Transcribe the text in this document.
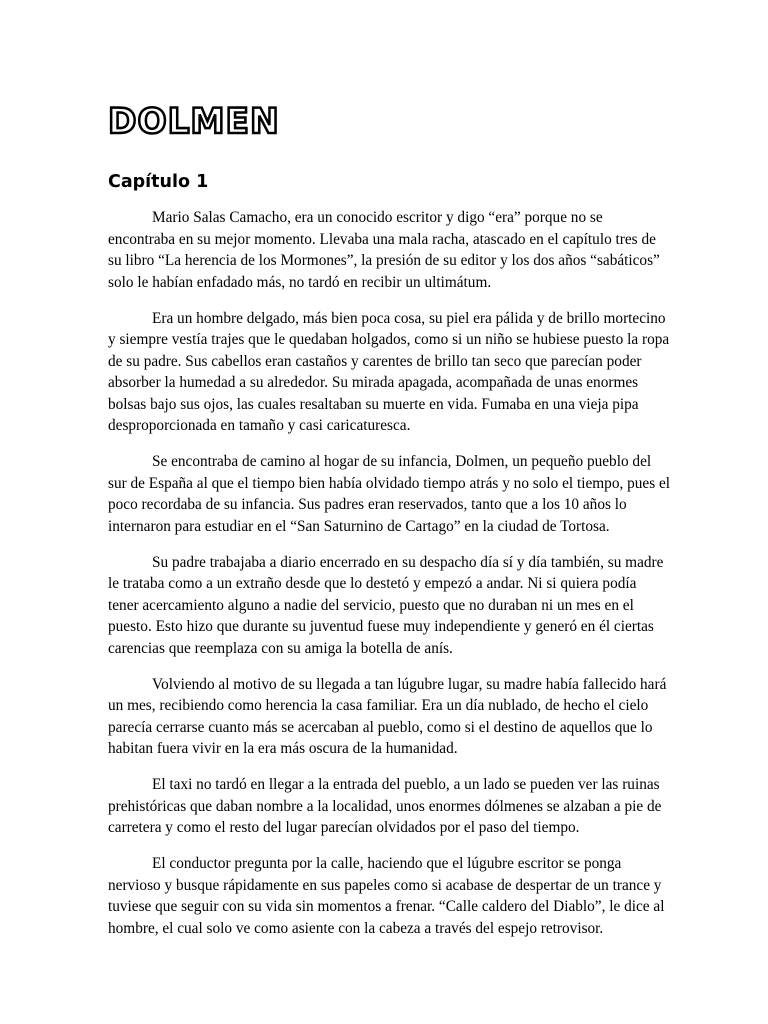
DOLMEN
Capítulo 1

Mario Salas Camacho, era un conocido escritor y digo “era” porque no se
encontraba en su mejor momento. Llevaba una mala racha, atascado en el capítulo tres de
su libro “La herencia de los Mormones”, la presión de su editor y los dos años “sabáticos”
solo le habían enfadado más, no tardó en recibir un ultimátum.

Era un hombre delgado, más bien poca cosa, su piel era pálida y de brillo mortecino
y siempre vestía trajes que le quedaban holgados, como si un niño se hubiese puesto la ropa
de su padre. Sus cabellos eran castaños y carentes de brillo tan seco que parecían poder
absorber la humedad a su alrededor. Su mirada apagada, acompañada de unas enormes
bolsas bajo sus ojos, las cuales resaltaban su muerte en vida. Fumaba en una vieja pipa
desproporcionada en tamaño y casi caricaturesca.

Se encontraba de camino al hogar de su infancia, Dolmen, un pequeño pueblo del
sur de España al que el tiempo bien había olvidado tiempo atrás y no solo el tiempo, pues el
poco recordaba de su infancia. Sus padres eran reservados, tanto que a los 10 años lo
internaron para estudiar en el “San Saturnino de Cartago” en la ciudad de Tortosa.

Su padre trabajaba a diario encerrado en su despacho día sí y día también, su madre
le trataba como a un extraño desde que lo destetó y empezó a andar. Ni si quiera podía
tener acercamiento alguno a nadie del servicio, puesto que no duraban ni un mes en el
puesto. Esto hizo que durante su juventud fuese muy independiente y generó en él ciertas
carencias que reemplaza con su amiga la botella de anís.

Volviendo al motivo de su llegada a tan lúgubre lugar, su madre había fallecido hará
un mes, recibiendo como herencia la casa familiar. Era un día nublado, de hecho el cielo
parecía cerrarse cuanto más se acercaban al pueblo, como si el destino de aquellos que lo
habitan fuera vivir en la era más oscura de la humanidad.

El taxi no tardó en llegar a la entrada del pueblo, a un lado se pueden ver las ruinas
prehistóricas que daban nombre a la localidad, unos enormes dólmenes se alzaban a pie de
carretera y como el resto del lugar parecían olvidados por el paso del tiempo.

El conductor pregunta por la calle, haciendo que el lúgubre escritor se ponga
nervioso y busque rápidamente en sus papeles como si acabase de despertar de un trance y
tuviese que seguir con su vida sin momentos a frenar. “Calle caldero del Diablo”, le dice al
hombre, el cual solo ve como asiente con la cabeza a través del espejo retrovisor.
